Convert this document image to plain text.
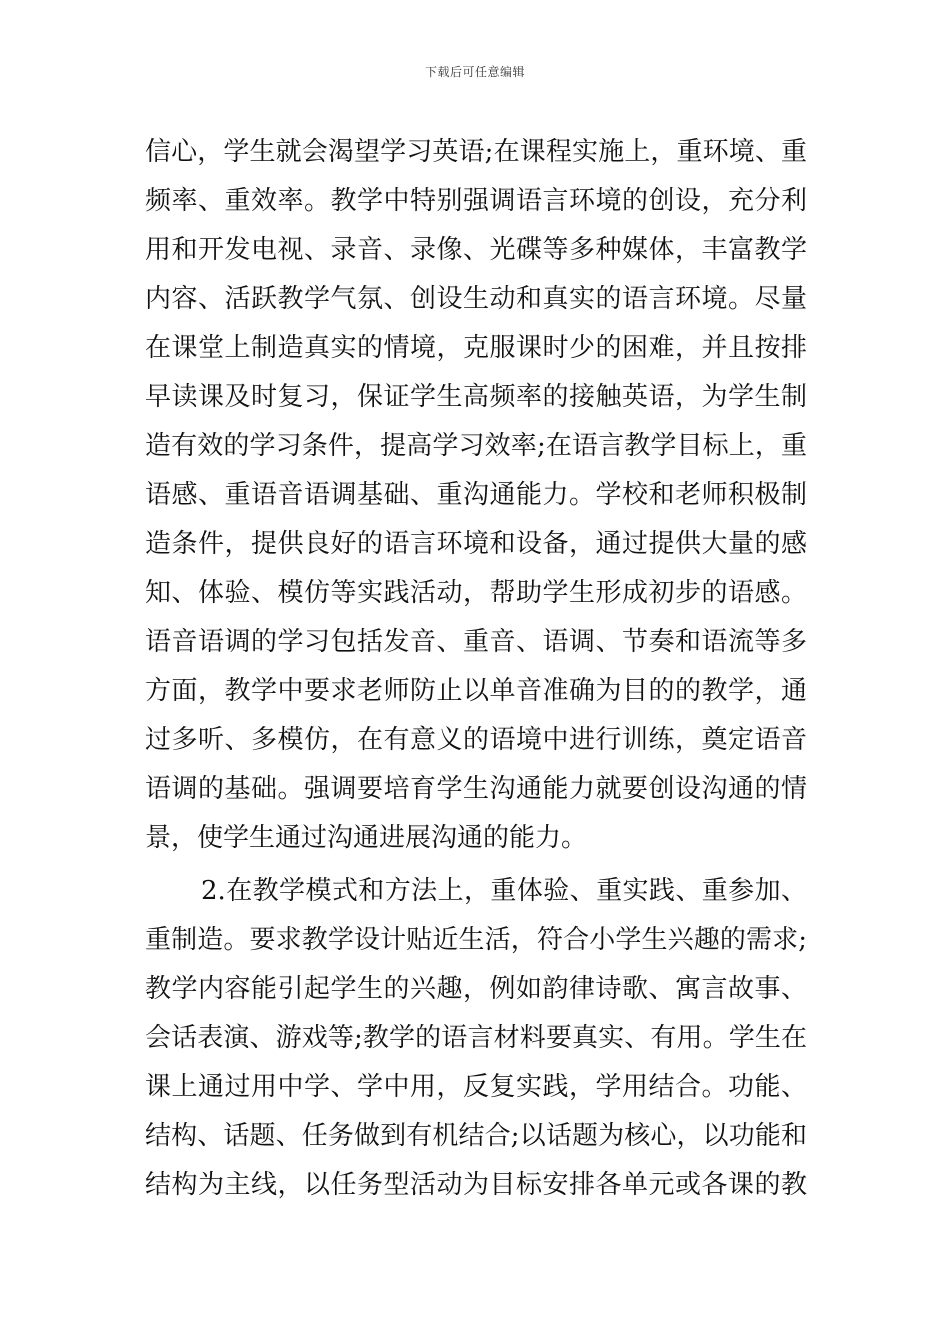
下载后可任意编辑
信心，学生就会渴望学习英语;在课程实施上，重环境、重
频率、重效率。教学中特别强调语言环境的创设，充分利
用和开发电视、录音、录像、光碟等多种媒体，丰富教学
内容、活跃教学气氛、创设生动和真实的语言环境。尽量
在课堂上制造真实的情境，克服课时少的困难，并且按排
早读课及时复习，保证学生高频率的接触英语，为学生制
造有效的学习条件，提高学习效率;在语言教学目标上，重
语感、重语音语调基础、重沟通能力。学校和老师积极制
造条件，提供良好的语言环境和设备，通过提供大量的感
知、体验、模仿等实践活动，帮助学生形成初步的语感。
语音语调的学习包括发音、重音、语调、节奏和语流等多
方面，教学中要求老师防止以单音准确为目的的教学，通
过多听、多模仿，在有意义的语境中进行训练，奠定语音
语调的基础。强调要培育学生沟通能力就要创设沟通的情
景，使学生通过沟通进展沟通的能力。
2.在教学模式和方法上，重体验、重实践、重参加、
重制造。要求教学设计贴近生活，符合小学生兴趣的需求;
教学内容能引起学生的兴趣，例如韵律诗歌、寓言故事、
会话表演、游戏等;教学的语言材料要真实、有用。学生在
课上通过用中学、学中用，反复实践，学用结合。功能、
结构、话题、任务做到有机结合;以话题为核心，以功能和
结构为主线，以任务型活动为目标安排各单元或各课的教
